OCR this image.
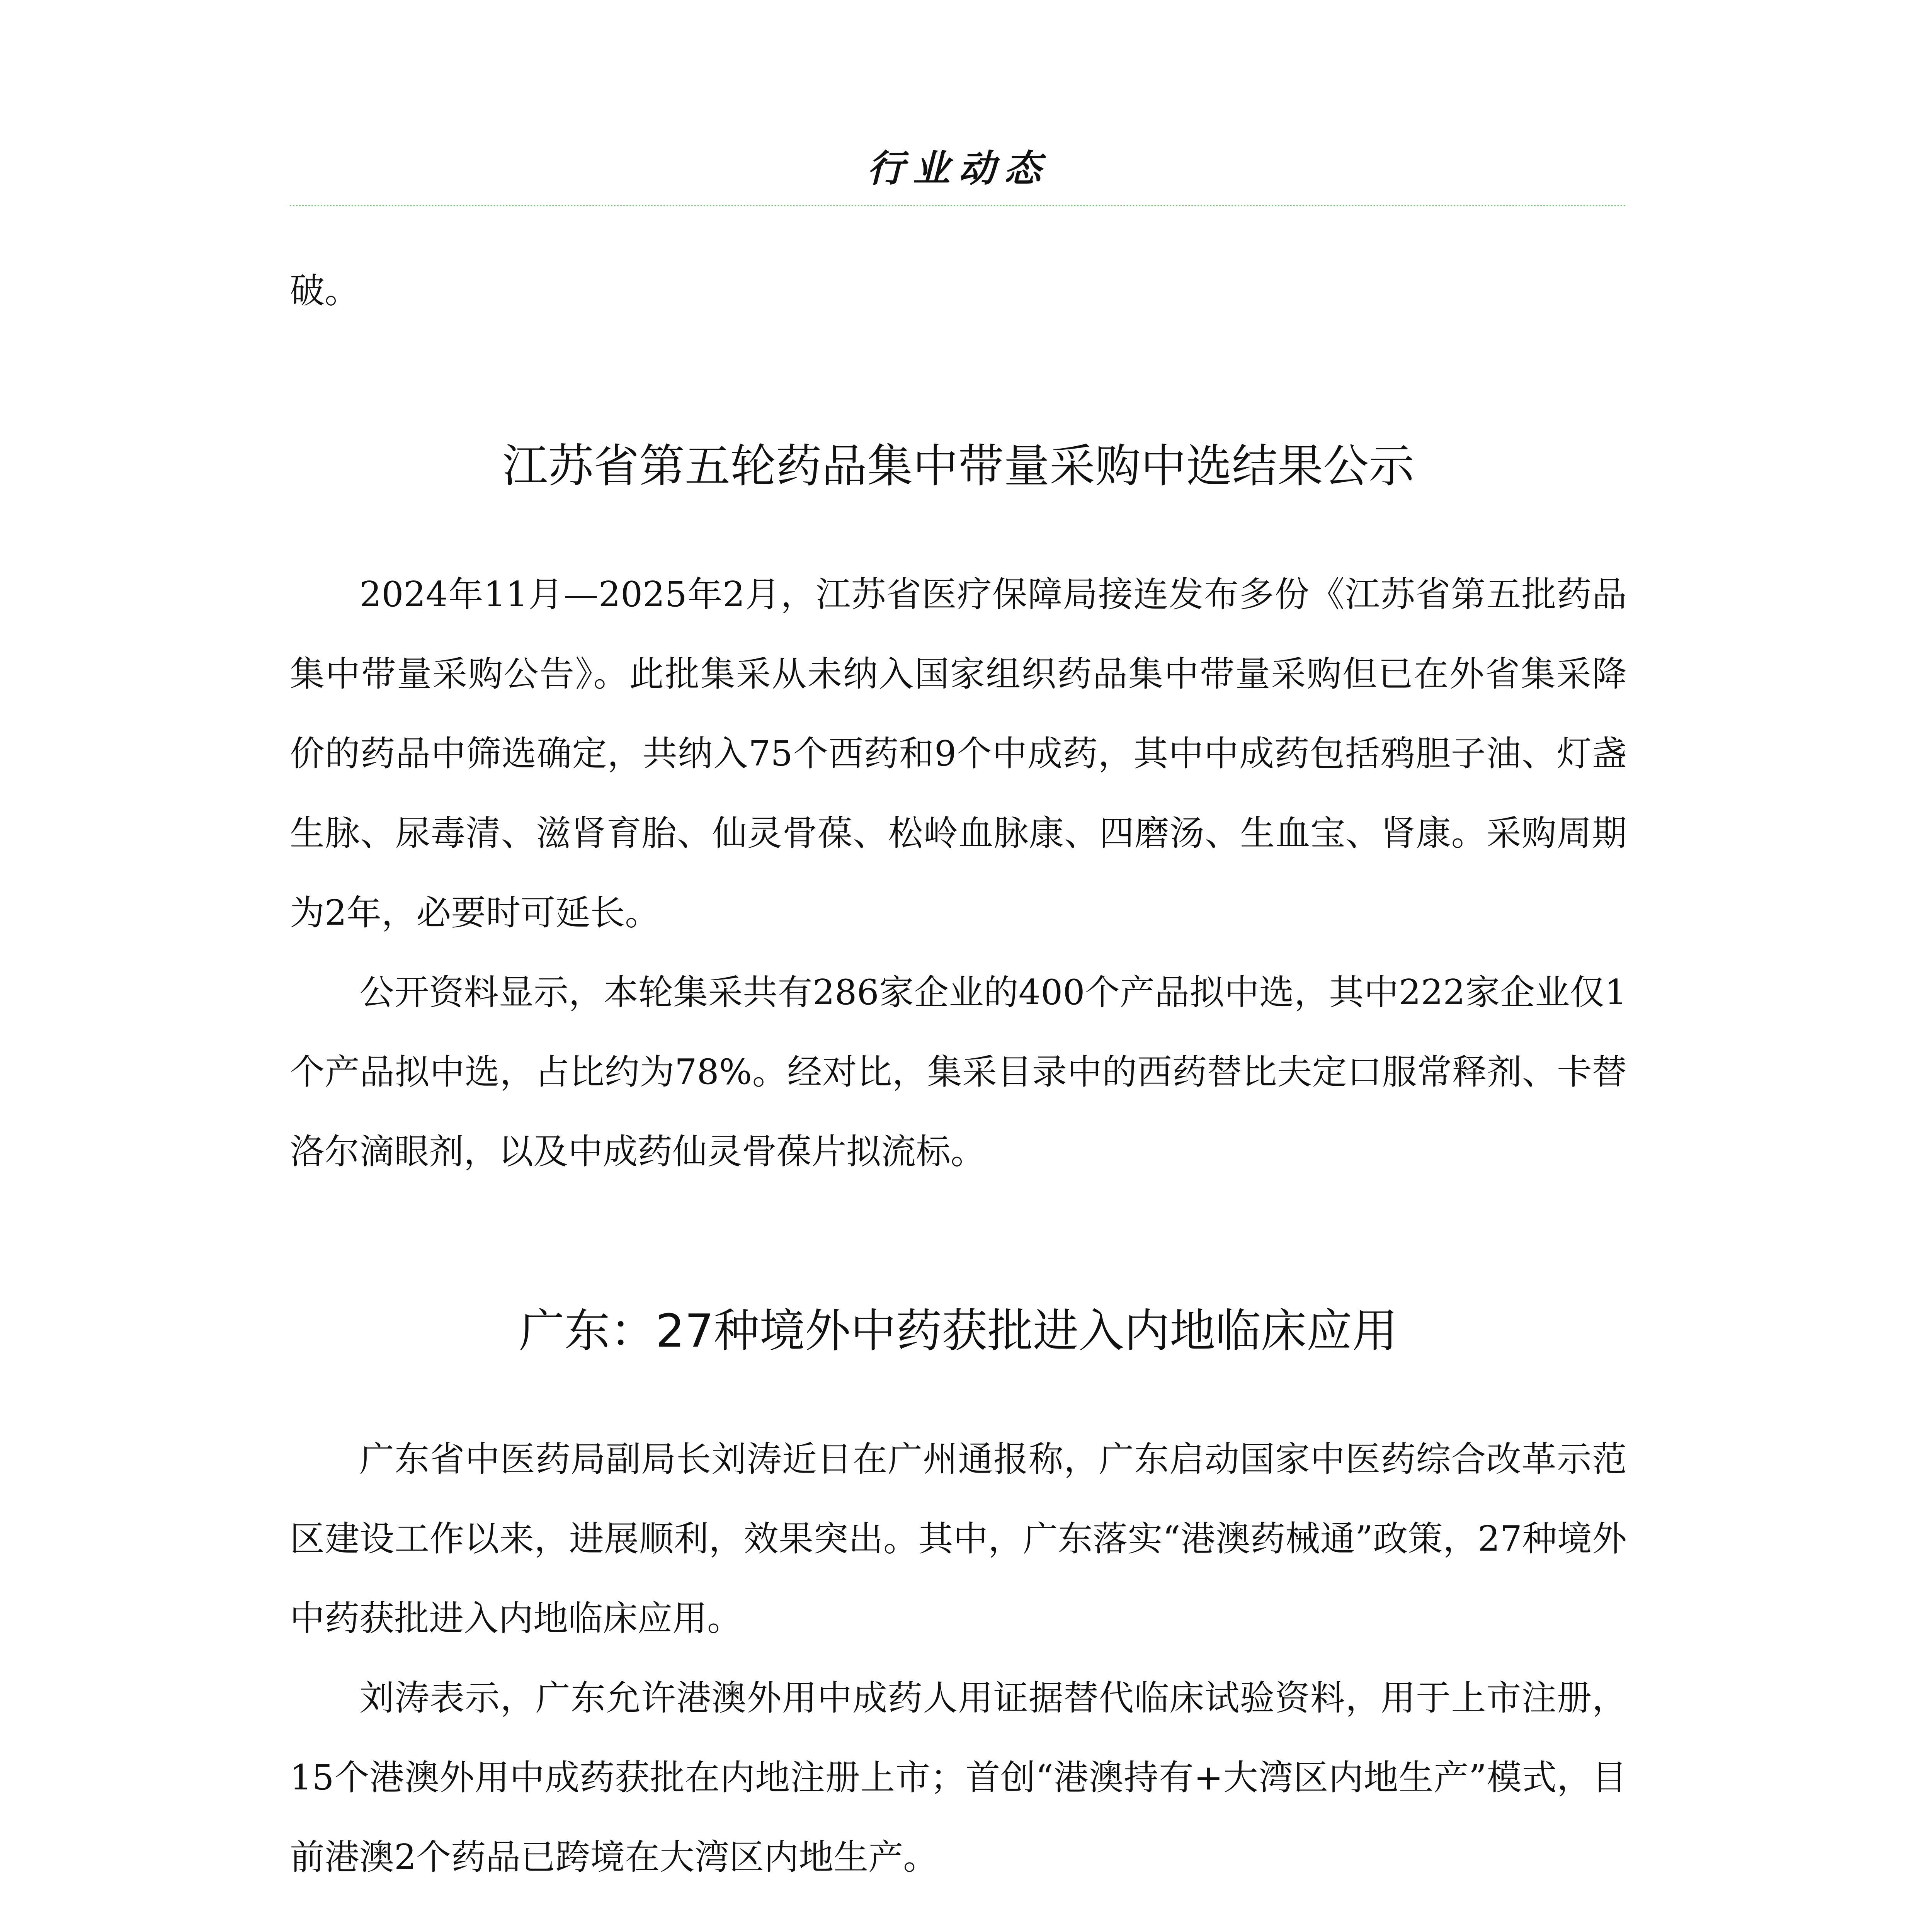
行业动态

破。

江苏省第五轮药品集中带量采购中选结果公示

2024年11月—2025年2月，江苏省医疗保障局接连发布多份《江苏省第五批药品集中带量采购公告》。此批集采从未纳入国家组织药品集中带量采购但已在外省集采降价的药品中筛选确定，共纳入75个西药和9个中成药，其中中成药包括鸦胆子油、灯盏生脉、尿毒清、滋肾育胎、仙灵骨葆、松岭血脉康、四磨汤、生血宝、肾康。采购周期为2年，必要时可延长。

公开资料显示，本轮集采共有286家企业的400个产品拟中选，其中222家企业仅1个产品拟中选，占比约为78%。经对比，集采目录中的西药替比夫定口服常释剂、卡替洛尔滴眼剂，以及中成药仙灵骨葆片拟流标。

广东：27种境外中药获批进入内地临床应用

广东省中医药局副局长刘涛近日在广州通报称，广东启动国家中医药综合改革示范区建设工作以来，进展顺利，效果突出。其中，广东落实“港澳药械通”政策，27种境外中药获批进入内地临床应用。

刘涛表示，广东允许港澳外用中成药人用证据替代临床试验资料，用于上市注册，15个港澳外用中成药获批在内地注册上市；首创“港澳持有+大湾区内地生产”模式，目前港澳2个药品已跨境在大湾区内地生产。
